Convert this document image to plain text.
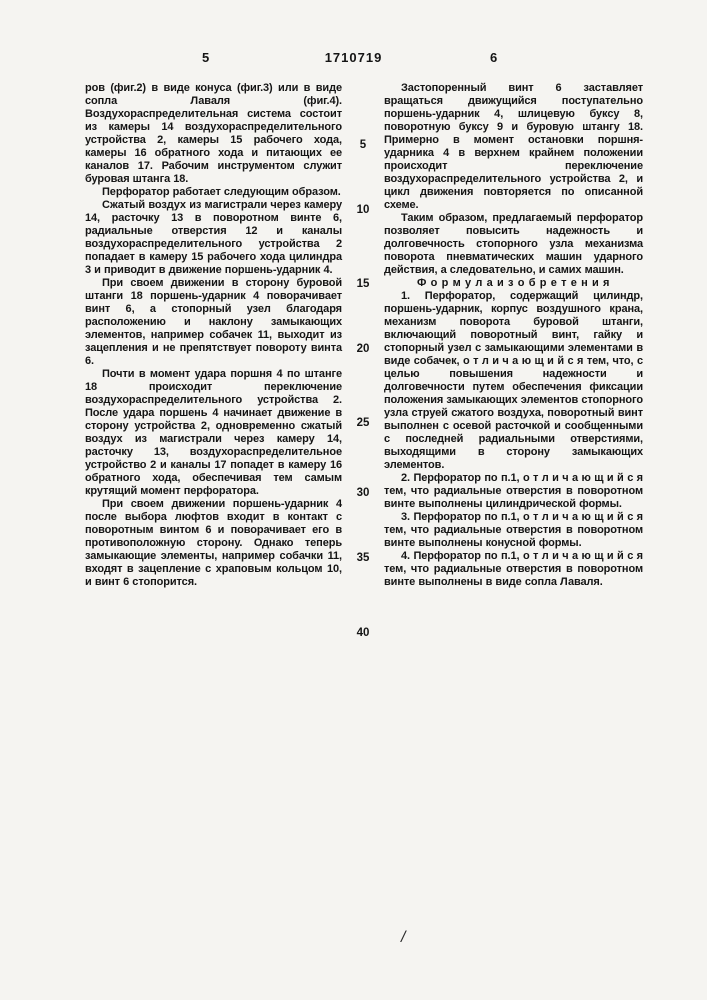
5	1710719	6

ров (фиг.2) в виде конуса (фиг.3) или в виде сопла Лаваля (фиг.4). Воздухораспределительная система состоит из камеры 14 воздухораспределительного устройства 2, камеры 15 рабочего хода, камеры 16 обратного хода и питающих ее каналов 17. Рабочим инструментом служит буровая штанга 18.

Перфоратор работает следующим образом.

Сжатый воздух из магистрали через камеру 14, расточку 13 в поворотном винте 6, радиальные отверстия 12 и каналы воздухораспределительного устройства 2 попадает в камеру 15 рабочего хода цилиндра 3 и приводит в движение поршень-ударник 4.

При своем движении в сторону буровой штанги 18 поршень-ударник 4 поворачивает винт 6, а стопорный узел благодаря расположению и наклону замыкающих элементов, например собачек 11, выходит из зацепления и не препятствует повороту винта 6.

Почти в момент удара поршня 4 по штанге 18 происходит переключение воздухораспределительного устройства 2. После удара поршень 4 начинает движение в сторону устройства 2, одновременно сжатый воздух из магистрали через камеру 14, расточку 13, воздухораспределительное устройство 2 и каналы 17 попадет в камеру 16 обратного хода, обеспечивая тем самым крутящий момент перфоратора.

При своем движении поршень-ударник 4 после выбора люфтов входит в контакт с поворотным винтом 6 и поворачивает его в противоположную сторону. Однако теперь замыкающие элементы, например собачки 11, входят в зацепление с храповым кольцом 10, и винт 6 стопорится.

Застопоренный винт 6 заставляет вращаться движущийся поступательно поршень-ударник 4, шлицевую буксу 8, поворотную буксу 9 и буровую штангу 18. Примерно в момент остановки поршня-ударника 4 в верхнем крайнем положении происходит переключение воздухораспределительного устройства 2, и цикл движения повторяется по описанной схеме.

Таким образом, предлагаемый перфоратор позволяет повысить надежность и долговечность стопорного узла механизма поворота пневматических машин ударного действия, а следовательно, и самих машин.

Ф о р м у л а и з о б р е т е н и я

1. Перфоратор, содержащий цилиндр, поршень-ударник, корпус воздушного крана, механизм поворота буровой штанги, включающий поворотный винт, гайку и стопорный узел с замыкающими элементами в виде собачек, о т л и ч а ю щ и й с я тем, что, с целью повышения надежности и долговечности путем обеспечения фиксации положения замыкающих элементов стопорного узла струей сжатого воздуха, поворотный винт выполнен с осевой расточкой и сообщенными с последней радиальными отверстиями, выходящими в сторону замыкающих элементов.

2. Перфоратор по п.1, о т л и ч а ю щ и й с я тем, что радиальные отверстия в поворотном винте выполнены цилиндрической формы.

3. Перфоратор по п.1, о т л и ч а ю щ и й с я тем, что радиальные отверстия в поворотном винте выполнены конусной формы.

4. Перфоратор по п.1, о т л и ч а ю щ и й с я тем, что радиальные отверстия в поворотном винте выполнены в виде сопла Лаваля.

5
10
15
20
25
30
35
40
/
